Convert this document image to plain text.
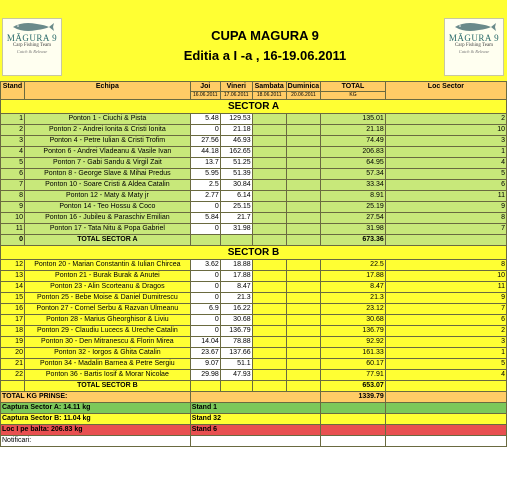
MĂGURA 9
Carp Fishing Team
Catch & Release
MĂGURA 9
Carp Fishing Team
Catch & Release
CUPA MAGURA 9
Editia a I -a , 16-19.06.2011
Stand	Echipa	Joi	Vineri	Sambata	Duminica	TOTAL	Loc Sector
		16.06.2011	17.06.2011	18.06.2011	20.06.2011	KG	
SECTOR A							
1	Ponton 1 - Ciuchi & Pista	5.48	129.53			135.01	2
2	Ponton 2 - Andrei Ionita & Cristi Ionita	0	21.18			21.18	10
3	Ponton 4 - Petre Iulian & Cristi Trofim	27.56	46.93			74.49	3
4	Ponton 6 - Andrei Vladeanu & Vasile Ivan	44.18	162.65			206.83	1
5	Ponton 7 - Gabi Sandu & Virgil Zait	13.7	51.25			64.95	4
6	Ponton 8 - George Slave & Mihai Predus	5.95	51.39			57.34	5
7	Ponton 10 - Soare Cristi & Aldea Catalin	2.5	30.84			33.34	6
8	Ponton 12 - Maty & Maty jr	2.77	6.14			8.91	11
9	Ponton 14 - Teo Hossu & Coco	0	25.15			25.19	9
10	Ponton 16 - Jubileu & Paraschiv Emilian	5.84	21.7			27.54	8
11	Ponton 17 - Tata Nitu & Popa Gabriel	0	31.98			31.98	7
0	TOTAL SECTOR A					673.36	
SECTOR B							
12	Ponton 20 - Marian Constantin & Iulian Chircea	3.62	18.88			22.5	8
13	Ponton 21 - Burak Burak & Anutei	0	17.88			17.88	10
14	Ponton 23 - Alin Scorteanu & Dragos	0	8.47			8.47	11
15	Ponton 25 - Bebe Moise & Daniel Dumitrescu	0	21.3			21.3	9
16	Ponton 27 - Cornel Serbu & Razvan Ulmeanu	6.9	16.22			23.12	7
17	Ponton 28 - Marius Gheorghisor & Liviu	0	30.68			30.68	6
18	Ponton 29 - Claudiu Lucecs & Ureche Catalin	0	136.79			136.79	2
19	Ponton 30 - Den Mitranescu & Florin Mirea	14.04	78.88			92.92	3
20	Ponton 32 - Iorgos & Ghita Catalin	23.67	137.66			161.33	1
21	Ponton 34 - Madalin Barnea & Petre Sergiu	9.07	51.1			60.17	5
22	Ponton 36 - Bartis Iosif & Morar Nicolae	29.98	47.93			77.91	4
	TOTAL SECTOR B					653.07	
TOTAL KG PRINSE:						1339.79	
Captura Sector A: 14.11 kg		Stand 1					
Captura Sector B: 11.04 kg		Stand 32					
Loc I pe balta: 206.83 kg		Stand 6					
Notificari:							
